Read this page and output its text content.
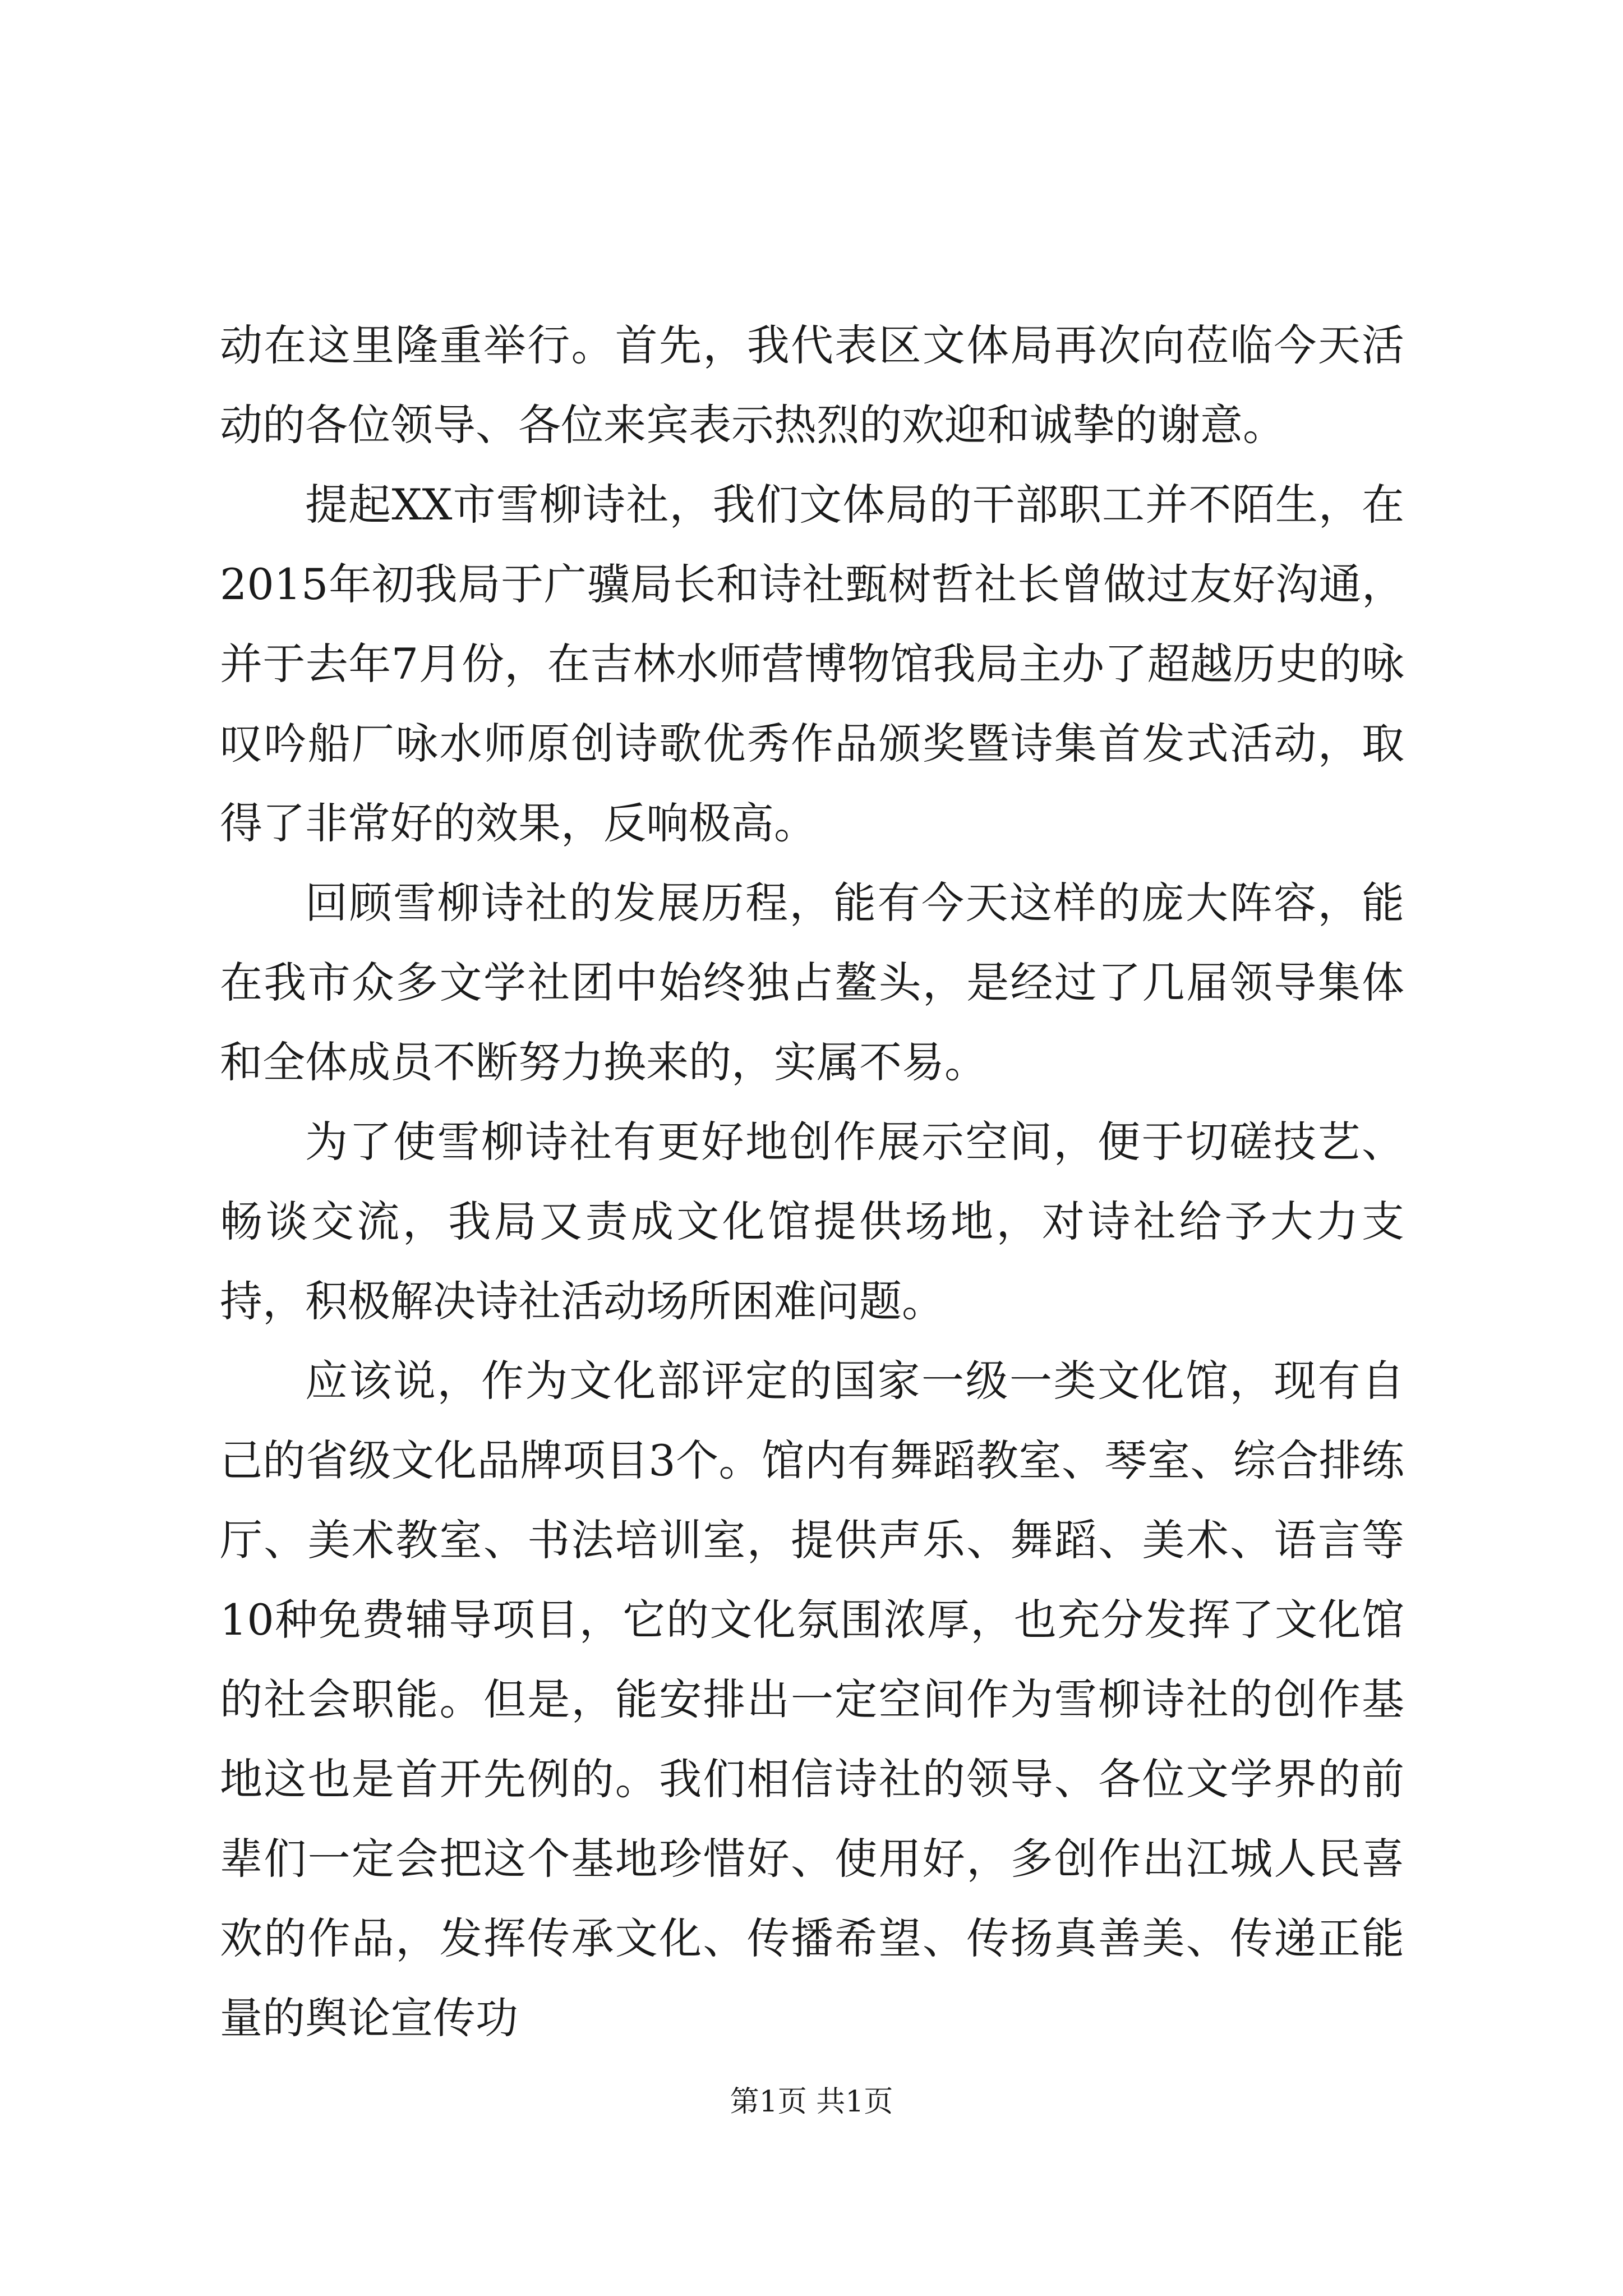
动在这里隆重举行。首先，我代表区文体局再次向莅临今天活动的各位领导、各位来宾表示热烈的欢迎和诚挚的谢意。

提起XX市雪柳诗社，我们文体局的干部职工并不陌生，在2015年初我局于广骥局长和诗社甄树哲社长曾做过友好沟通，并于去年7月份，在吉林水师营博物馆我局主办了超越历史的咏叹吟船厂咏水师原创诗歌优秀作品颁奖暨诗集首发式活动，取得了非常好的效果，反响极高。

回顾雪柳诗社的发展历程，能有今天这样的庞大阵容，能在我市众多文学社团中始终独占鳌头，是经过了几届领导集体和全体成员不断努力换来的，实属不易。

为了使雪柳诗社有更好地创作展示空间，便于切磋技艺、畅谈交流，我局又责成文化馆提供场地，对诗社给予大力支持，积极解决诗社活动场所困难问题。

应该说，作为文化部评定的国家一级一类文化馆，现有自己的省级文化品牌项目3个。馆内有舞蹈教室、琴室、综合排练厅、美术教室、书法培训室，提供声乐、舞蹈、美术、语言等10种免费辅导项目，它的文化氛围浓厚，也充分发挥了文化馆的社会职能。但是，能安排出一定空间作为雪柳诗社的创作基地这也是首开先例的。我们相信诗社的领导、各位文学界的前辈们一定会把这个基地珍惜好、使用好，多创作出江城人民喜欢的作品，发挥传承文化、传播希望、传扬真善美、传递正能量的舆论宣传功

第1页 共1页
